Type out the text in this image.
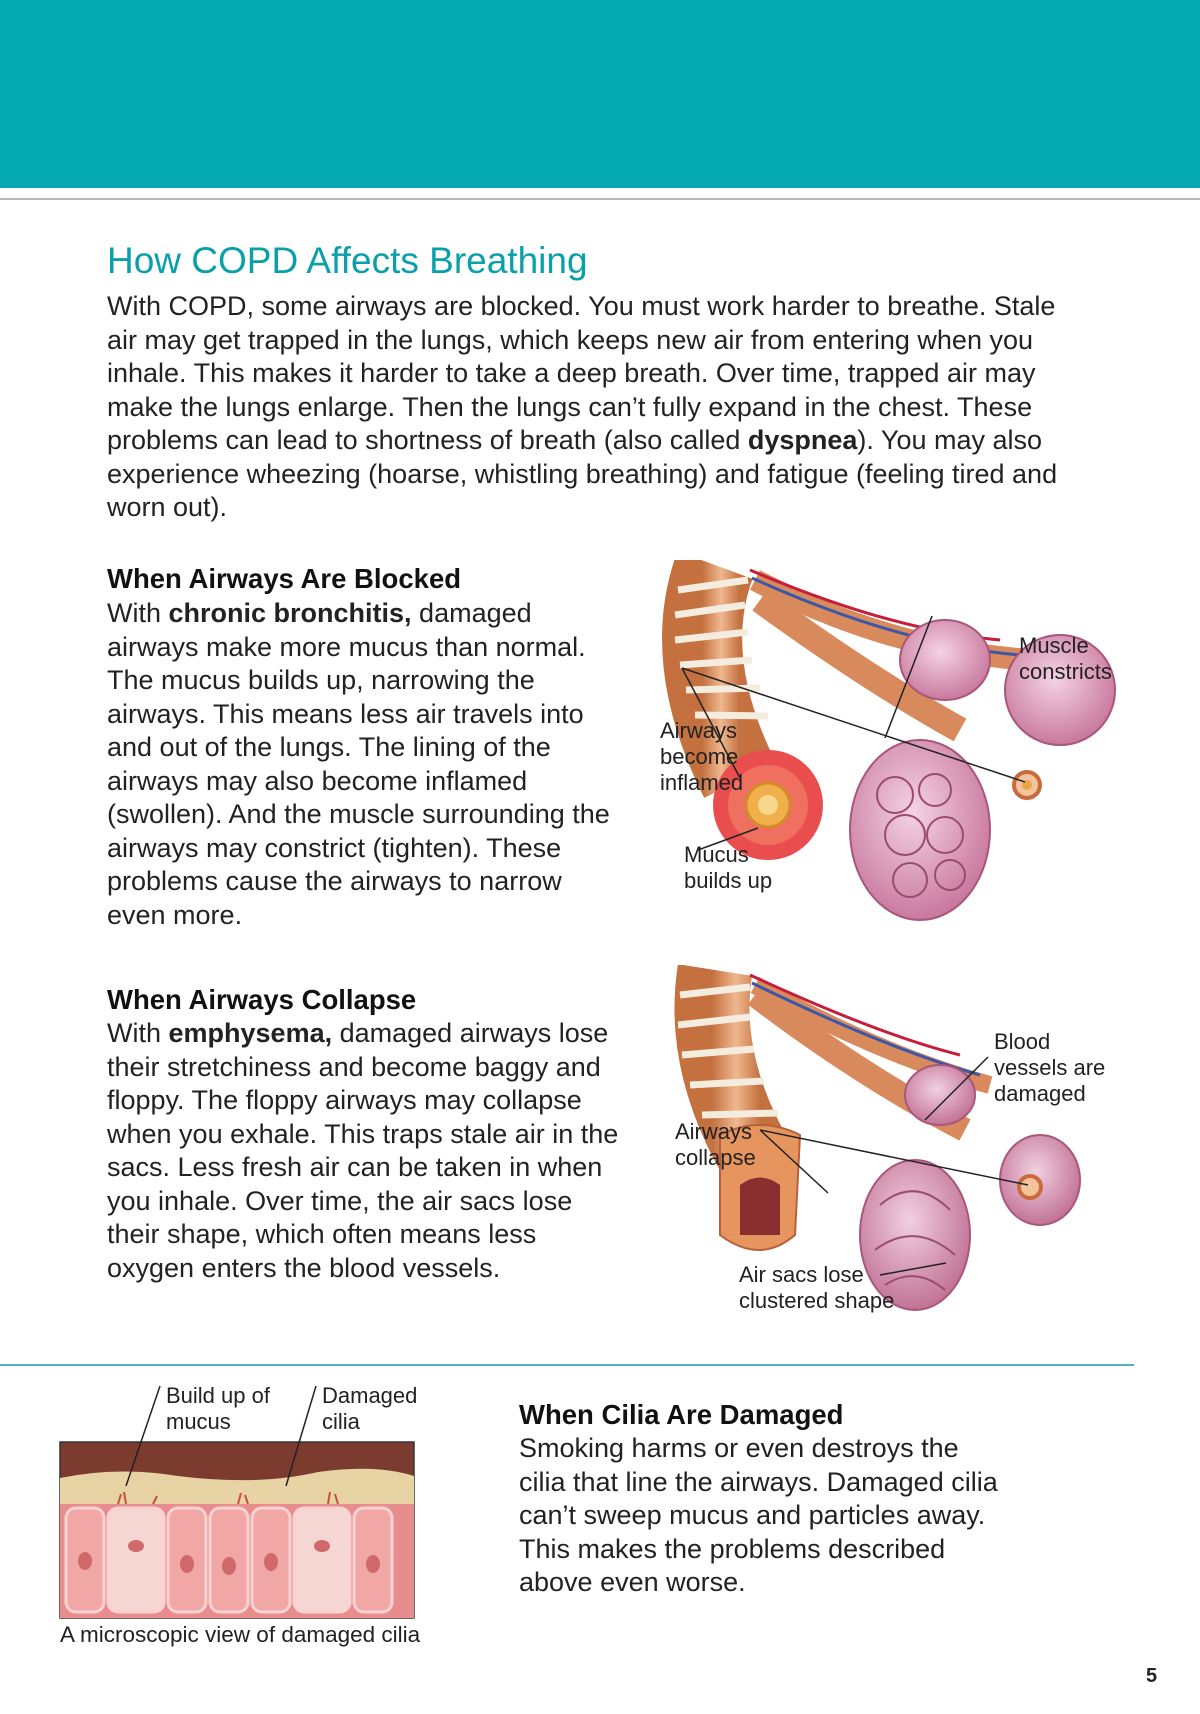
How COPD Affects Breathing

With COPD, some airways are blocked. You must work harder to breathe. Stale air may get trapped in the lungs, which keeps new air from entering when you inhale. This makes it harder to take a deep breath. Over time, trapped air may make the lungs enlarge. Then the lungs can’t fully expand in the chest. These problems can lead to shortness of breath (also called dyspnea). You may also experience wheezing (hoarse, whistling breathing) and fatigue (feeling tired and worn out).

When Airways Are Blocked

With chronic bronchitis, damaged airways make more mucus than normal. The mucus builds up, narrowing the airways. This means less air travels into and out of the lungs. The lining of the airways may also become inflamed (swollen). And the muscle surrounding the airways may constrict (tighten). These problems cause the airways to narrow even more.

Airways
become
inflamed
Mucus
builds up
Muscle
constricts
When Airways Collapse

With emphysema, damaged airways lose their stretchiness and become baggy and floppy. The floppy airways may collapse when you exhale. This traps stale air in the sacs. Less fresh air can be taken in when you inhale. Over time, the air sacs lose their shape, which often means less oxygen enters the blood vessels.

Airways
collapse
Blood
vessels are
damaged
Air sacs lose
clustered shape
Build up of
mucus
Damaged
cilia
A microscopic view of damaged cilia
When Cilia Are Damaged

Smoking harms or even destroys the cilia that line the airways. Damaged cilia can’t sweep mucus and particles away. This makes the problems described above even worse.

5
